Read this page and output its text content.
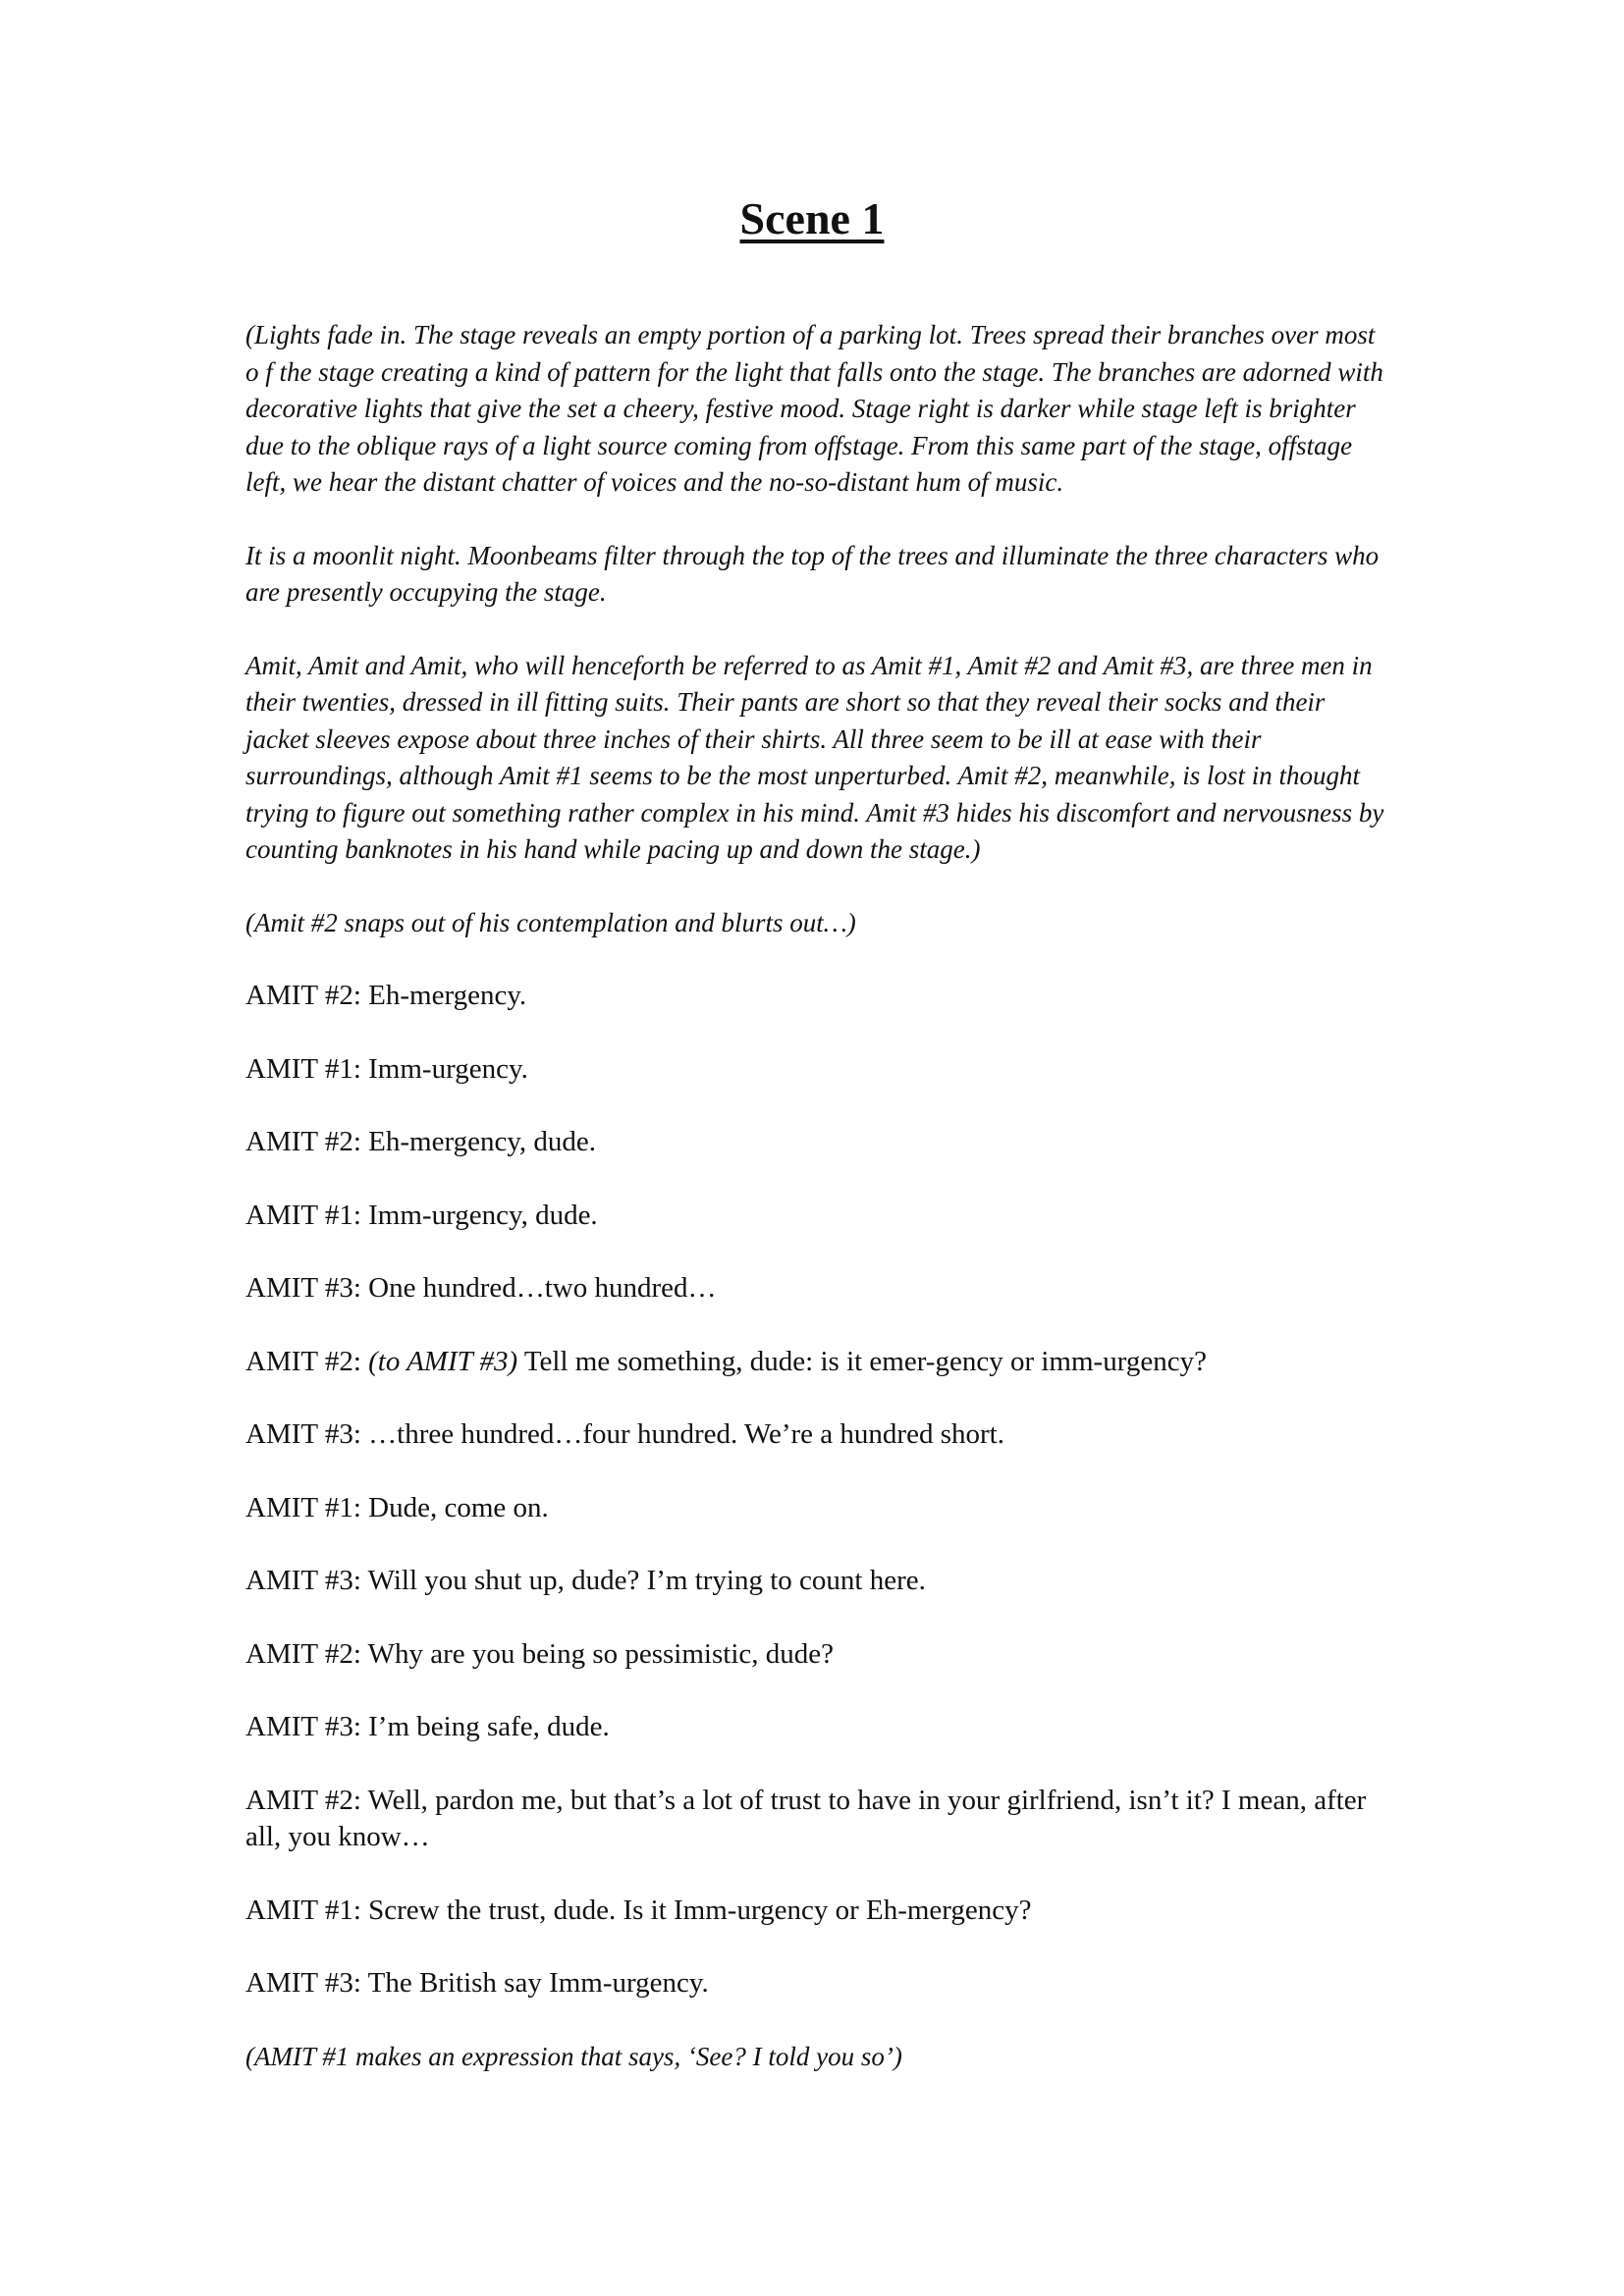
Scene 1

(Lights fade in. The stage reveals an empty portion of a parking lot. Trees spread their branches over most o f the stage creating a kind of pattern for the light that falls onto the stage. The branches are adorned with decorative lights that give the set a cheery, festive mood. Stage right is darker while stage left is brighter due to the oblique rays of a light source coming from offstage. From this same part of the stage, offstage left, we hear the distant chatter of voices and the no-so-distant hum of music.

It is a moonlit night. Moonbeams filter through the top of the trees and illuminate the three characters who are presently occupying the stage.

Amit, Amit and Amit, who will henceforth be referred to as Amit #1, Amit #2 and Amit #3, are three men in their twenties, dressed in ill fitting suits. Their pants are short so that they reveal their socks and their jacket sleeves expose about three inches of their shirts. All three seem to be ill at ease with their surroundings, although Amit #1 seems to be the most unperturbed. Amit #2, meanwhile, is lost in thought trying to figure out something rather complex in his mind. Amit #3 hides his discomfort and nervousness by counting banknotes in his hand while pacing up and down the stage.)

(Amit #2 snaps out of his contemplation and blurts out…)

AMIT #2: Eh-mergency.

AMIT #1: Imm-urgency.

AMIT #2: Eh-mergency, dude.

AMIT #1: Imm-urgency, dude.

AMIT #3: One hundred…two hundred…

AMIT #2: (to AMIT #3) Tell me something, dude: is it emer-gency or imm-urgency?

AMIT #3: …three hundred…four hundred. We’re a hundred short.

AMIT #1: Dude, come on.

AMIT #3: Will you shut up, dude? I’m trying to count here.

AMIT #2: Why are you being so pessimistic, dude?

AMIT #3: I’m being safe, dude.

AMIT #2: Well, pardon me, but that’s a lot of trust to have in your girlfriend, isn’t it? I mean, after all, you know…

AMIT #1: Screw the trust, dude. Is it Imm-urgency or Eh-mergency?

AMIT #3: The British say Imm-urgency.

(AMIT #1 makes an expression that says, ‘See? I told you so’)
